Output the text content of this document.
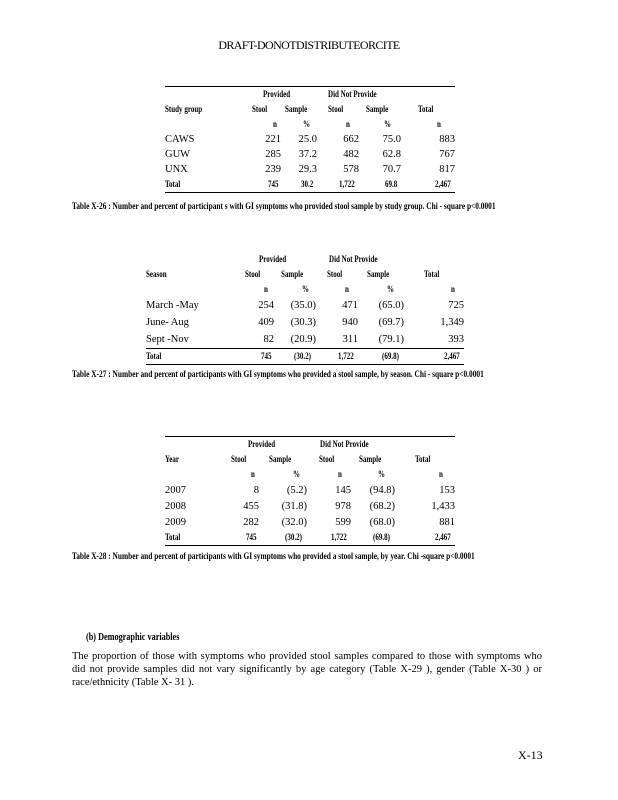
DRAFT-DONOTDISTRIBUTEORCITE
	Provided		Did Not Provide		
Study group	Stool	Sample	Stool	Sample	Total
	n	%	n	%	n
CAWS	221	25.0	662	75.0	883
GUW	285	37.2	482	62.8	767
UNX	239	29.3	578	70.7	817
Total	745	30.2	1,722	69.8	2,467
Table X-26 : Number and percent of participant s with GI symptoms who provided stool sample by study group. Chi - square p<0.0001
	Provided		Did Not Provide		
Season	Stool	Sample	Stool	Sample	Total
	n	%	n	%	n
March -May	254	(35.0)	471	(65.0)	725
June- Aug	409	(30.3)	940	(69.7)	1,349
Sept -Nov	82	(20.9)	311	(79.1)	393
Total	745	(30.2)	1,722	(69.8)	2,467
Table X-27 : Number and percent of participants with GI symptoms who provided a stool sample, by season. Chi - square p<0.0001
	Provided		Did Not Provide		
Year	Stool	Sample	Stool	Sample	Total
	n	%	n	%	n
2007	8	(5.2)	145	(94.8)	153
2008	455	(31.8)	978	(68.2)	1,433
2009	282	(32.0)	599	(68.0)	881
Total	745	(30.2)	1,722	(69.8)	2,467
Table X-28 : Number and percent of participants with GI symptoms who provided a stool sample, by year. Chi -square p<0.0001
(b) Demographic variables
The proportion of those with symptoms who provided stool samples compared to those with symptoms who did not provide samples did not vary significantly by age category (Table X-29 ), gender (Table X-30 ) or race/ethnicity (Table X- 31 ).
X-13
